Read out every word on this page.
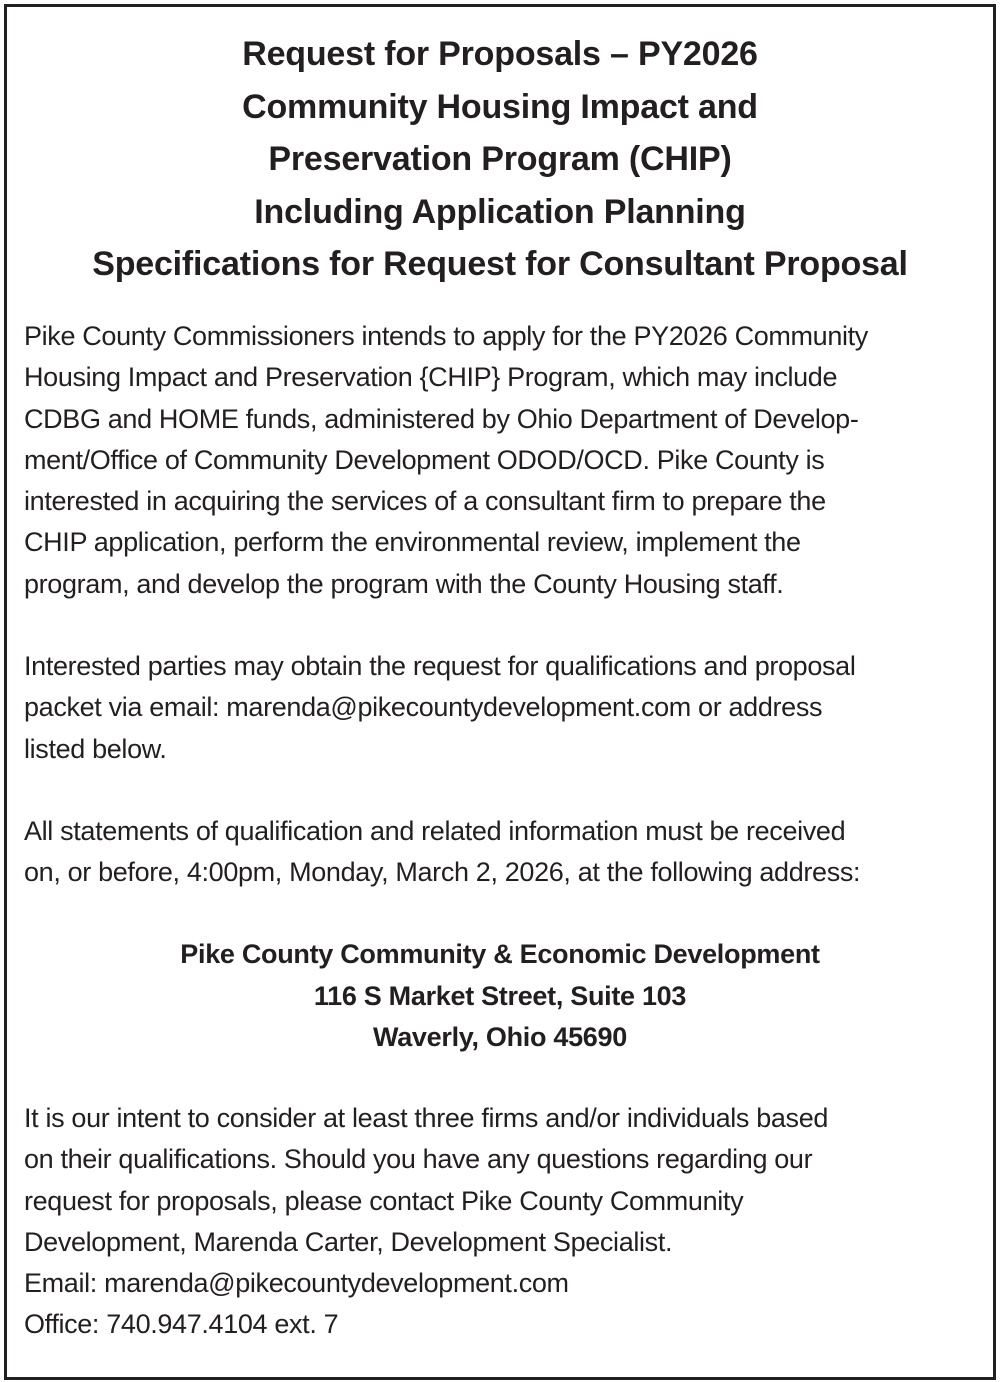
Request for Proposals – PY2026
Community Housing Impact and
Preservation Program (CHIP)
Including Application Planning
Specifications for Request for Consultant Proposal

Pike County Commissioners intends to apply for the PY2026 Community
Housing Impact and Preservation {CHIP} Program, which may include
CDBG and HOME funds, administered by Ohio Department of Develop-
ment/Office of Community Development ODOD/OCD. Pike County is
interested in acquiring the services of a consultant firm to prepare the
CHIP application, perform the environmental review, implement the
program, and develop the program with the County Housing staff.

Interested parties may obtain the request for qualifications and proposal
packet via email: marenda@pikecountydevelopment.com or address
listed below.

All statements of qualification and related information must be received
on, or before, 4:00pm, Monday, March 2, 2026, at the following address:

Pike County Community & Economic Development
116 S Market Street, Suite 103
Waverly, Ohio 45690

It is our intent to consider at least three firms and/or individuals based
on their qualifications. Should you have any questions regarding our
request for proposals, please contact Pike County Community
Development, Marenda Carter, Development Specialist.
Email: marenda@pikecountydevelopment.com
Office: 740.947.4104 ext. 7
